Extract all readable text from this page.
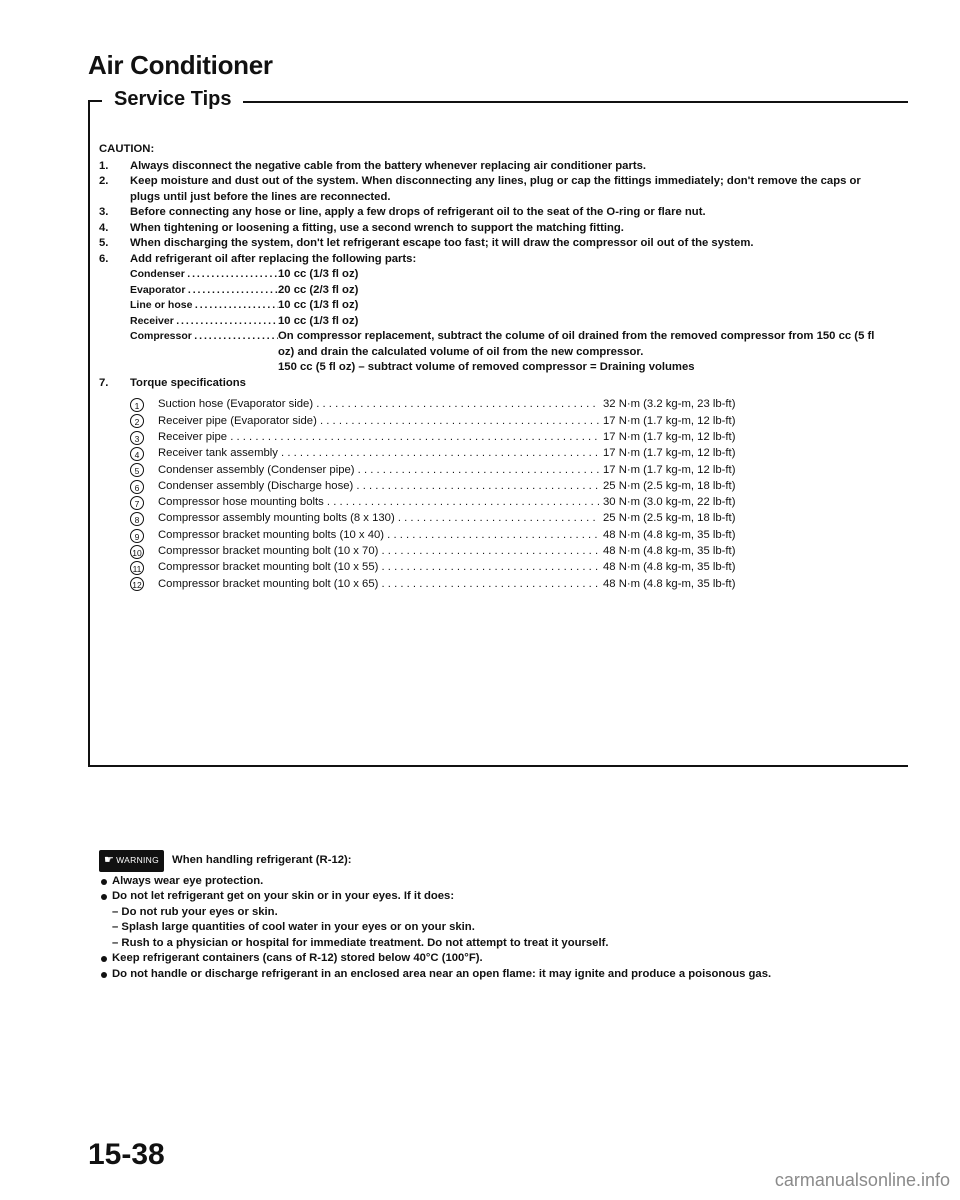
Air Conditioner
Service Tips
CAUTION:
1. Always disconnect the negative cable from the battery whenever replacing air conditioner parts.
2. Keep moisture and dust out of the system. When disconnecting any lines, plug or cap the fittings immediately; don't remove the caps or plugs until just before the lines are reconnected.
3. Before connecting any hose or line, apply a few drops of refrigerant oil to the seat of the O-ring or flare nut.
4. When tightening or loosening a fitting, use a second wrench to support the matching fitting.
5. When discharging the system, don't let refrigerant escape too fast; it will draw the compressor oil out of the system.
6. Add refrigerant oil after replacing the following parts:
Condenser . . .	10 cc (1/3 fl oz)
Evaporator . . .	20 cc (2/3 fl oz)
Line or hose . . .	10 cc (1/3 fl oz)
Receiver . . .	10 cc (1/3 fl oz)
Compressor . . .	On compressor replacement, subtract the colume of oil drained from the removed compressor from 150 cc (5 fl oz) and drain the calculated volume of oil from the new compressor.
150 cc (5 fl oz) – subtract volume of removed compressor = Draining volumes
7. Torque specifications
1	Suction hose (Evaporator side) . . .	32 N·m (3.2 kg-m, 23 lb-ft)
2	Receiver pipe (Evaporator side) . . .	17 N·m (1.7 kg-m, 12 lb-ft)
3	Receiver pipe . . .	17 N·m (1.7 kg-m, 12 lb-ft)
4	Receiver tank assembly . . .	17 N·m (1.7 kg-m, 12 lb-ft)
5	Condenser assembly (Condenser pipe) . . .	17 N·m (1.7 kg-m, 12 lb-ft)
6	Condenser assembly (Discharge hose) . . .	25 N·m (2.5 kg-m, 18 lb-ft)
7	Compressor hose mounting bolts . . .	30 N·m (3.0 kg-m, 22 lb-ft)
8	Compressor assembly mounting bolts (8 x 130) . . .	25 N·m (2.5 kg-m, 18 lb-ft)
9	Compressor bracket mounting bolts (10 x 40) . . .	48 N·m (4.8 kg-m, 35 lb-ft)
10 Compressor bracket mounting bolt (10 x 70) . . .	48 N·m (4.8 kg-m, 35 lb-ft)
11 Compressor bracket mounting bolt (10 x 55) . . .	48 N·m (4.8 kg-m, 35 lb-ft)
12 Compressor bracket mounting bolt (10 x 65) . . .	48 N·m (4.8 kg-m, 35 lb-ft)
☛ WARNING When handling refrigerant (R-12):
Always wear eye protection.
Do not let refrigerant get on your skin or in your eyes. If it does:
– Do not rub your eyes or skin.
– Splash large quantities of cool water in your eyes or on your skin.
– Rush to a physician or hospital for immediate treatment. Do not attempt to treat it yourself.
Keep refrigerant containers (cans of R-12) stored below 40°C (100°F).
Do not handle or discharge refrigerant in an enclosed area near an open flame: it may ignite and produce a poisonous gas.
15-38
carmanualsonline.info
